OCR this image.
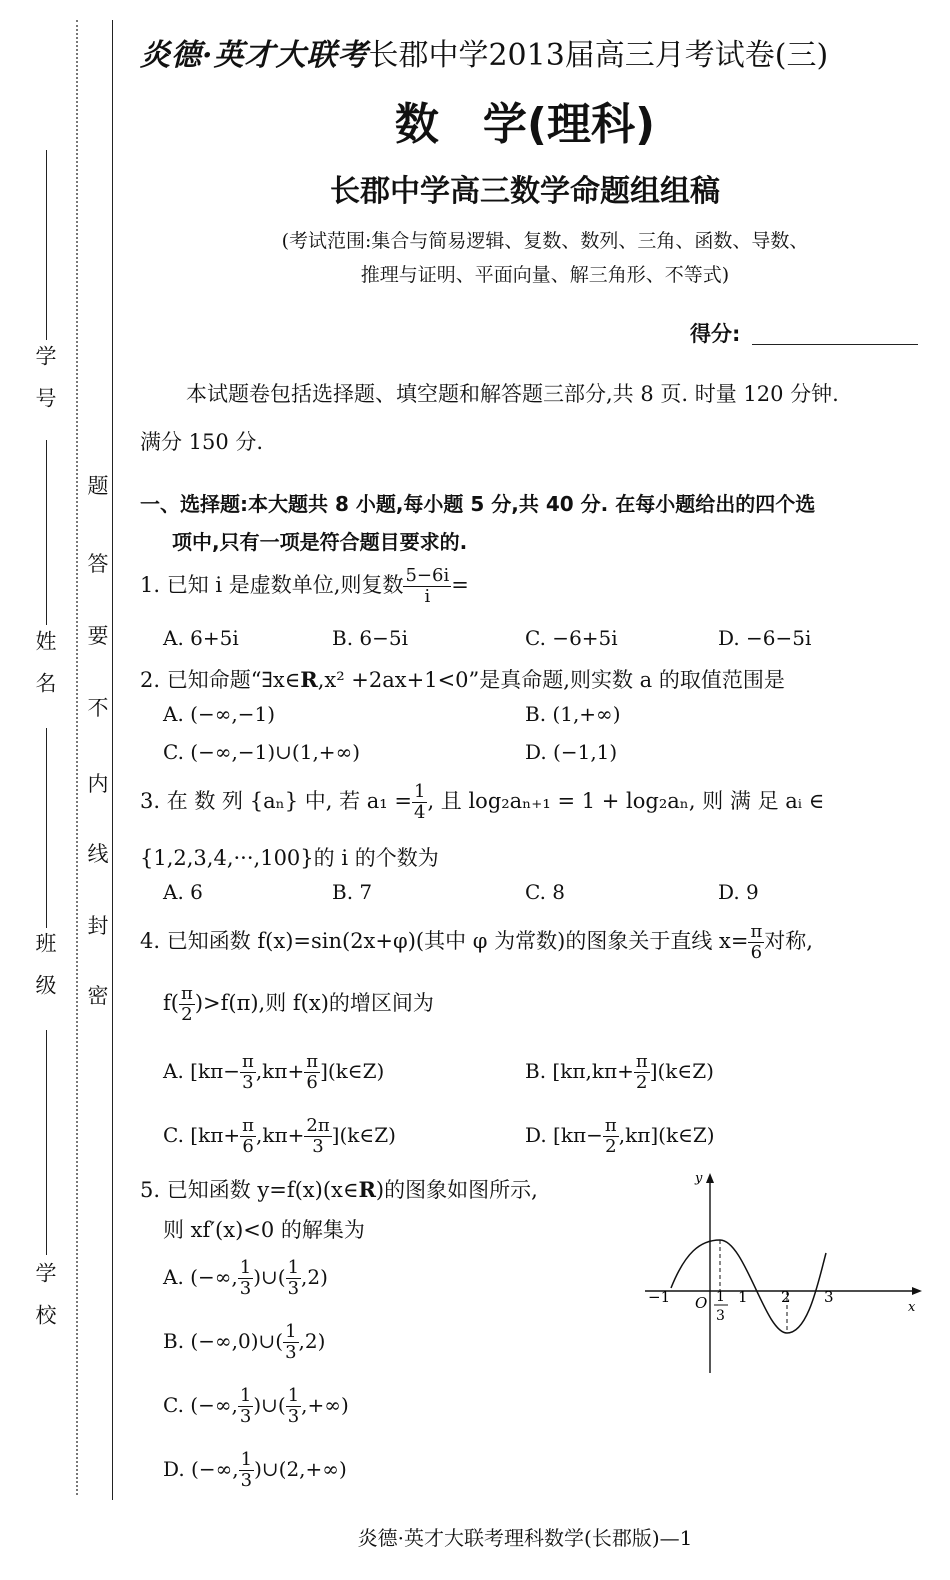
学　号
姓　名
班　级
学　校
题
答
要
不
内
线
封
密
炎德·英才大联考长郡中学2013届高三月考试卷(三)
数　学(理科)
长郡中学高三数学命题组组稿
(考试范围:集合与简易逻辑、复数、数列、三角、函数、导数、
推理与证明、平面向量、解三角形、不等式)
得分:
本试题卷包括选择题、填空题和解答题三部分,共 8 页. 时量 120 分钟.
满分 150 分.
一、选择题:本大题共 8 小题,每小题 5 分,共 40 分. 在每小题给出的四个选
项中,只有一项是符合题目要求的.
1. 已知 i 是虚数单位,则复数 $\frac{5-6i}{i}$ =
A. 6+5i	B. 6−5i	C. −6+5i	D. −6−5i
2. 已知命题“∃x∈R,x² +2ax+1<0”是真命题,则实数 a 的取值范围是
A. (−∞,−1)	B. (1,+∞)
C. (−∞,−1)∪(1,+∞)	D. (−1,1)
3. 在 数 列 {aₙ} 中, 若 $a_1 = \frac{1}{4}$ , 且 log₂aₙ₊₁ = 1 + log₂aₙ, 则 满 足 aᵢ ∈
{1,2,3,4,···,100}的 i 的个数为
A. 6	B. 7	C. 8	D. 9
4. 已知函数 f(x)=sin(2x+φ)(其中 φ 为常数)的图象关于直线 $x= \frac{\pi}{6}$ 对称,
$f( \frac{\pi}{2} )>f(\pi)$,则 f(x)的增区间为
A. [$k\pi- \frac{\pi}{3} ,k\pi+ \frac{\pi}{6}$ ](k∈Z)	B. [$k\pi,k\pi+ \frac{\pi}{2}$ ](k∈Z)
C. [$k\pi+ \frac{\pi}{6} ,k\pi+ \frac{2\pi}{3}$ ](k∈Z)	D. [$k\pi- \frac{\pi}{2}$ ,kπ](k∈Z)
5. 已知函数 y=f(x)(x∈R)的图象如图所示,
则 xf′(x)<0 的解集为
A. (−∞, $\frac{1}{3}$ )∪( $\frac{1}{3} ,2$)
B. (−∞,0)∪( $\frac{1}{3} ,2$)
C. (−∞, $\frac{1}{3}$ )∪( $\frac{1}{3}$ ,+∞)
D. (−∞, $\frac{1}{3}$ )∪(2,+∞)
y
x
O
−1	1 2 3
1
3
炎德·英才大联考理科数学(长郡版)—1
